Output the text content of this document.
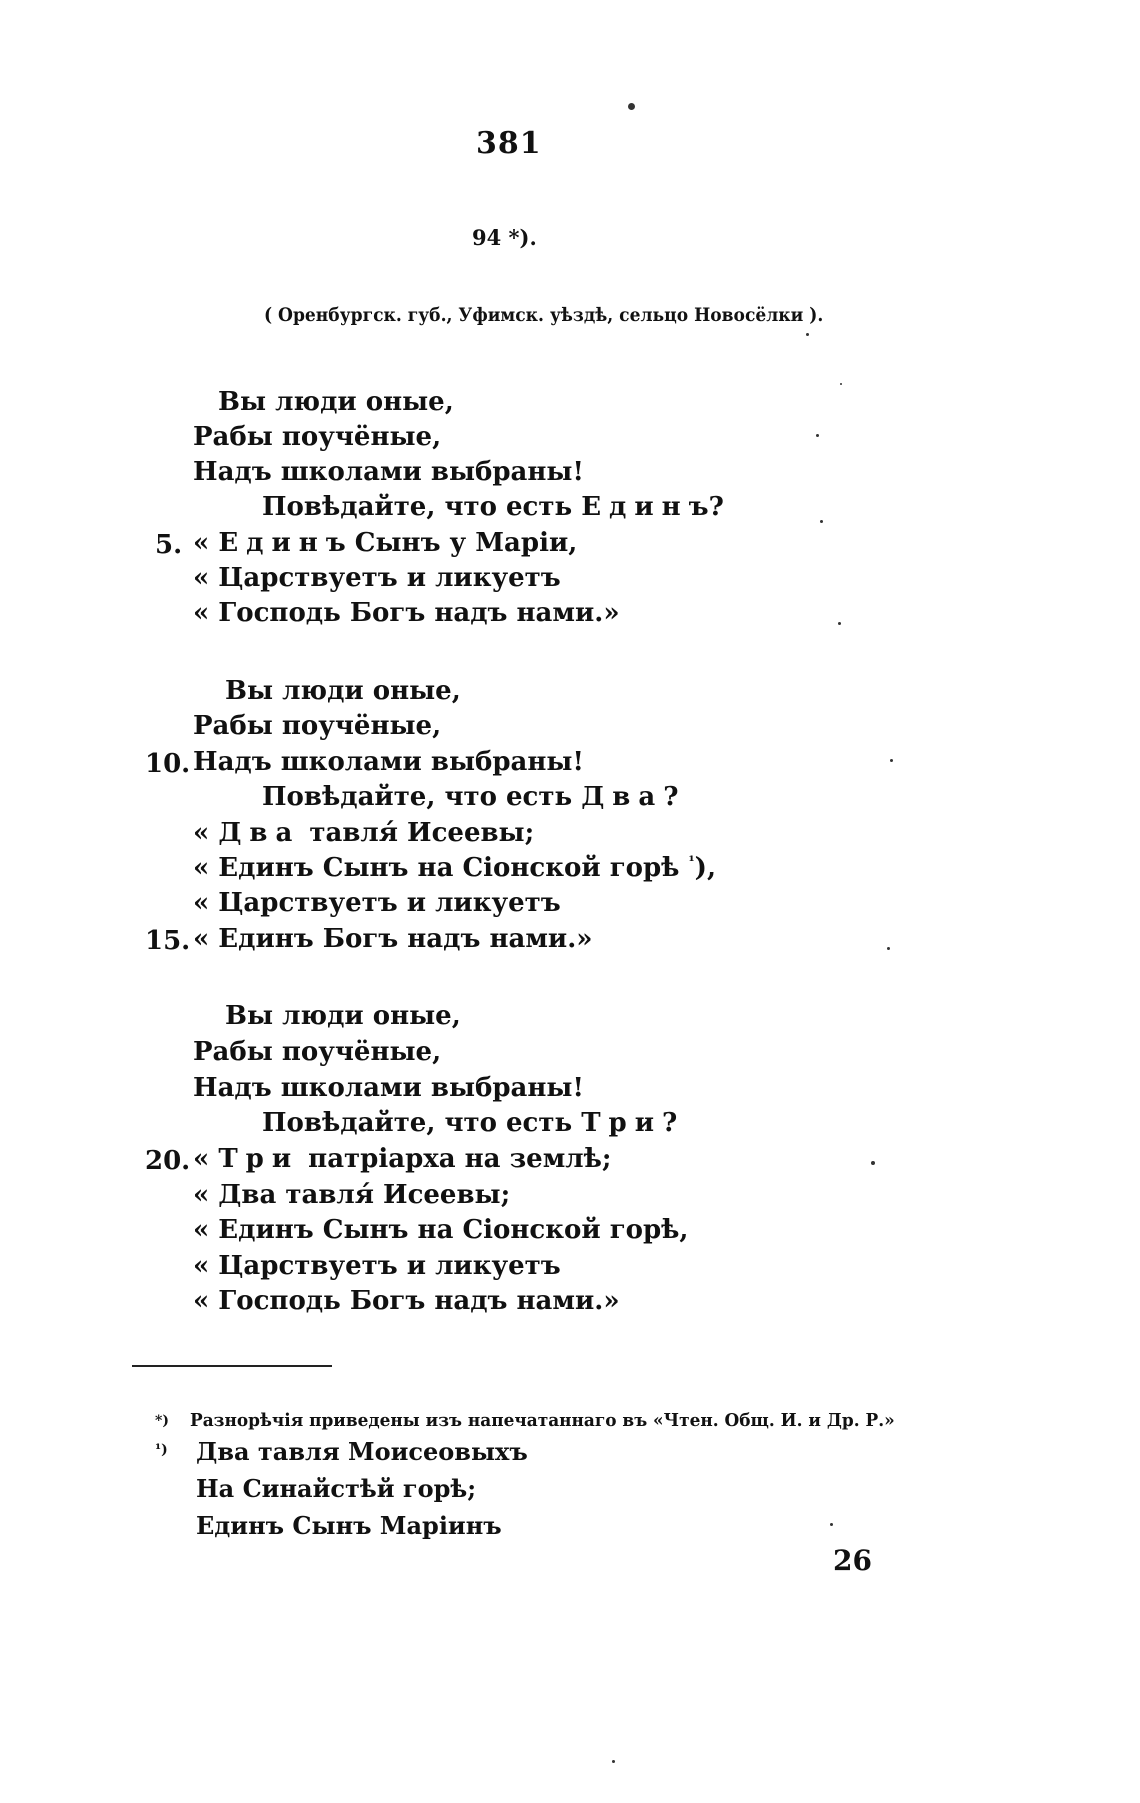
381
94 *).
( Оренбургск. губ., Уфимск. уѣздѣ, сельцо Новосёлки ).
Вы люди оные,
Рабы поучёные,
Надъ школами выбраны!
Повѣдайте, что есть Единъ?
5. « Единъ Сынъ у Маріи,
« Царствуетъ и ликуетъ
« Господь Богъ надъ нами.»
Вы люди оные,
Рабы поучёные,
10. Надъ школами выбраны!
Повѣдайте, что есть Два?
« Два тавля́ Исеевы;
« Единъ Сынъ на Сіонской горѣ $^{^1}$),
« Царствуетъ и ликуетъ
15. « Единъ Богъ надъ нами.»
Вы люди оные,
Рабы поучёные,
Надъ школами выбраны!
Повѣдайте, что есть Три?
20. « Три патріарха на землѣ;
« Два тавля́ Исеевы;
« Единъ Сынъ на Сіонской горѣ,
« Царствуетъ и ликуетъ
« Господь Богъ надъ нами.»
*) Разнорѣчія приведены изъ напечатаннаго въ «Чтен. Общ. И. и Др. Р.»
¹) Два тавля Моисеовыхъ
На Синайстѣй горѣ;
Единъ Сынъ Маріинъ
26
